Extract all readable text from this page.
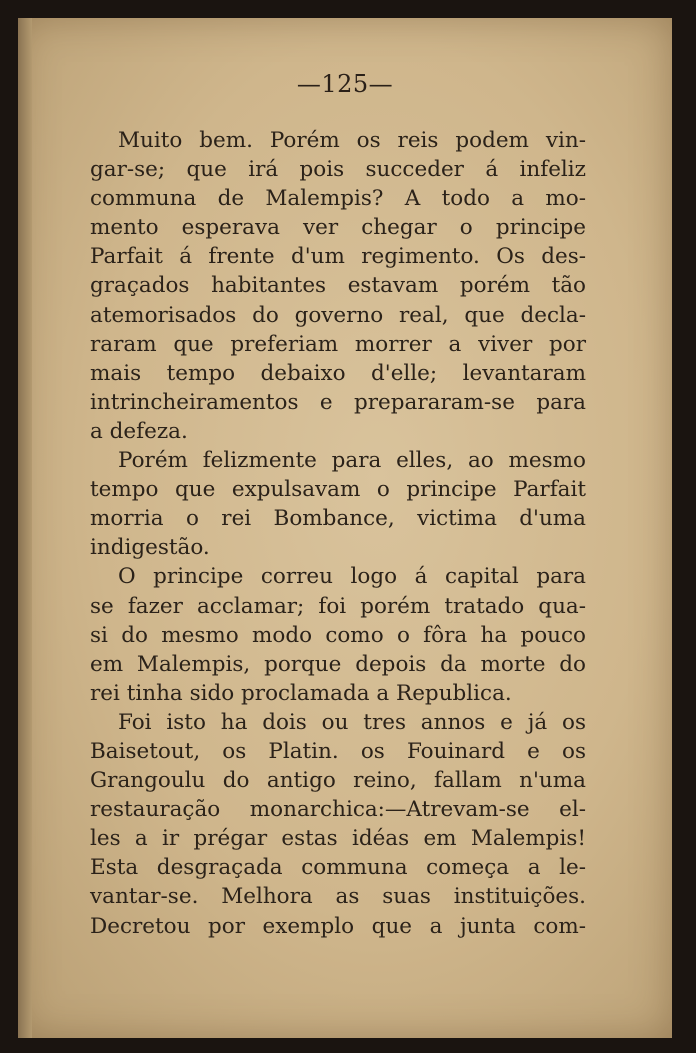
—125—
Muito bem. Porém os reis podem vin-
gar-se; que irá pois succeder á infeliz
communa de Malempis? A todo a mo-
mento esperava ver chegar o principe
Parfait á frente d'um regimento. Os des-
graçados habitantes estavam porém tão
atemorisados do governo real, que decla-
raram que preferiam morrer a viver por
mais tempo debaixo d'elle; levantaram
intrincheiramentos e prepararam-se para
a defeza.
Porém felizmente para elles, ao mesmo
tempo que expulsavam o principe Parfait
morria o rei Bombance, victima d'uma
indigestão.
O principe correu logo á capital para
se fazer acclamar; foi porém tratado qua-
si do mesmo modo como o fôra ha pouco
em Malempis, porque depois da morte do
rei tinha sido proclamada a Republica.
Foi isto ha dois ou tres annos e já os
Baisetout, os Platin. os Fouinard e os
Grangoulu do antigo reino, fallam n'uma
restauração monarchica:—Atrevam-se el-
les a ir prégar estas idéas em Malempis!
Esta desgraçada communa começa a le-
vantar-se. Melhora as suas instituições.
Decretou por exemplo que a junta com-
